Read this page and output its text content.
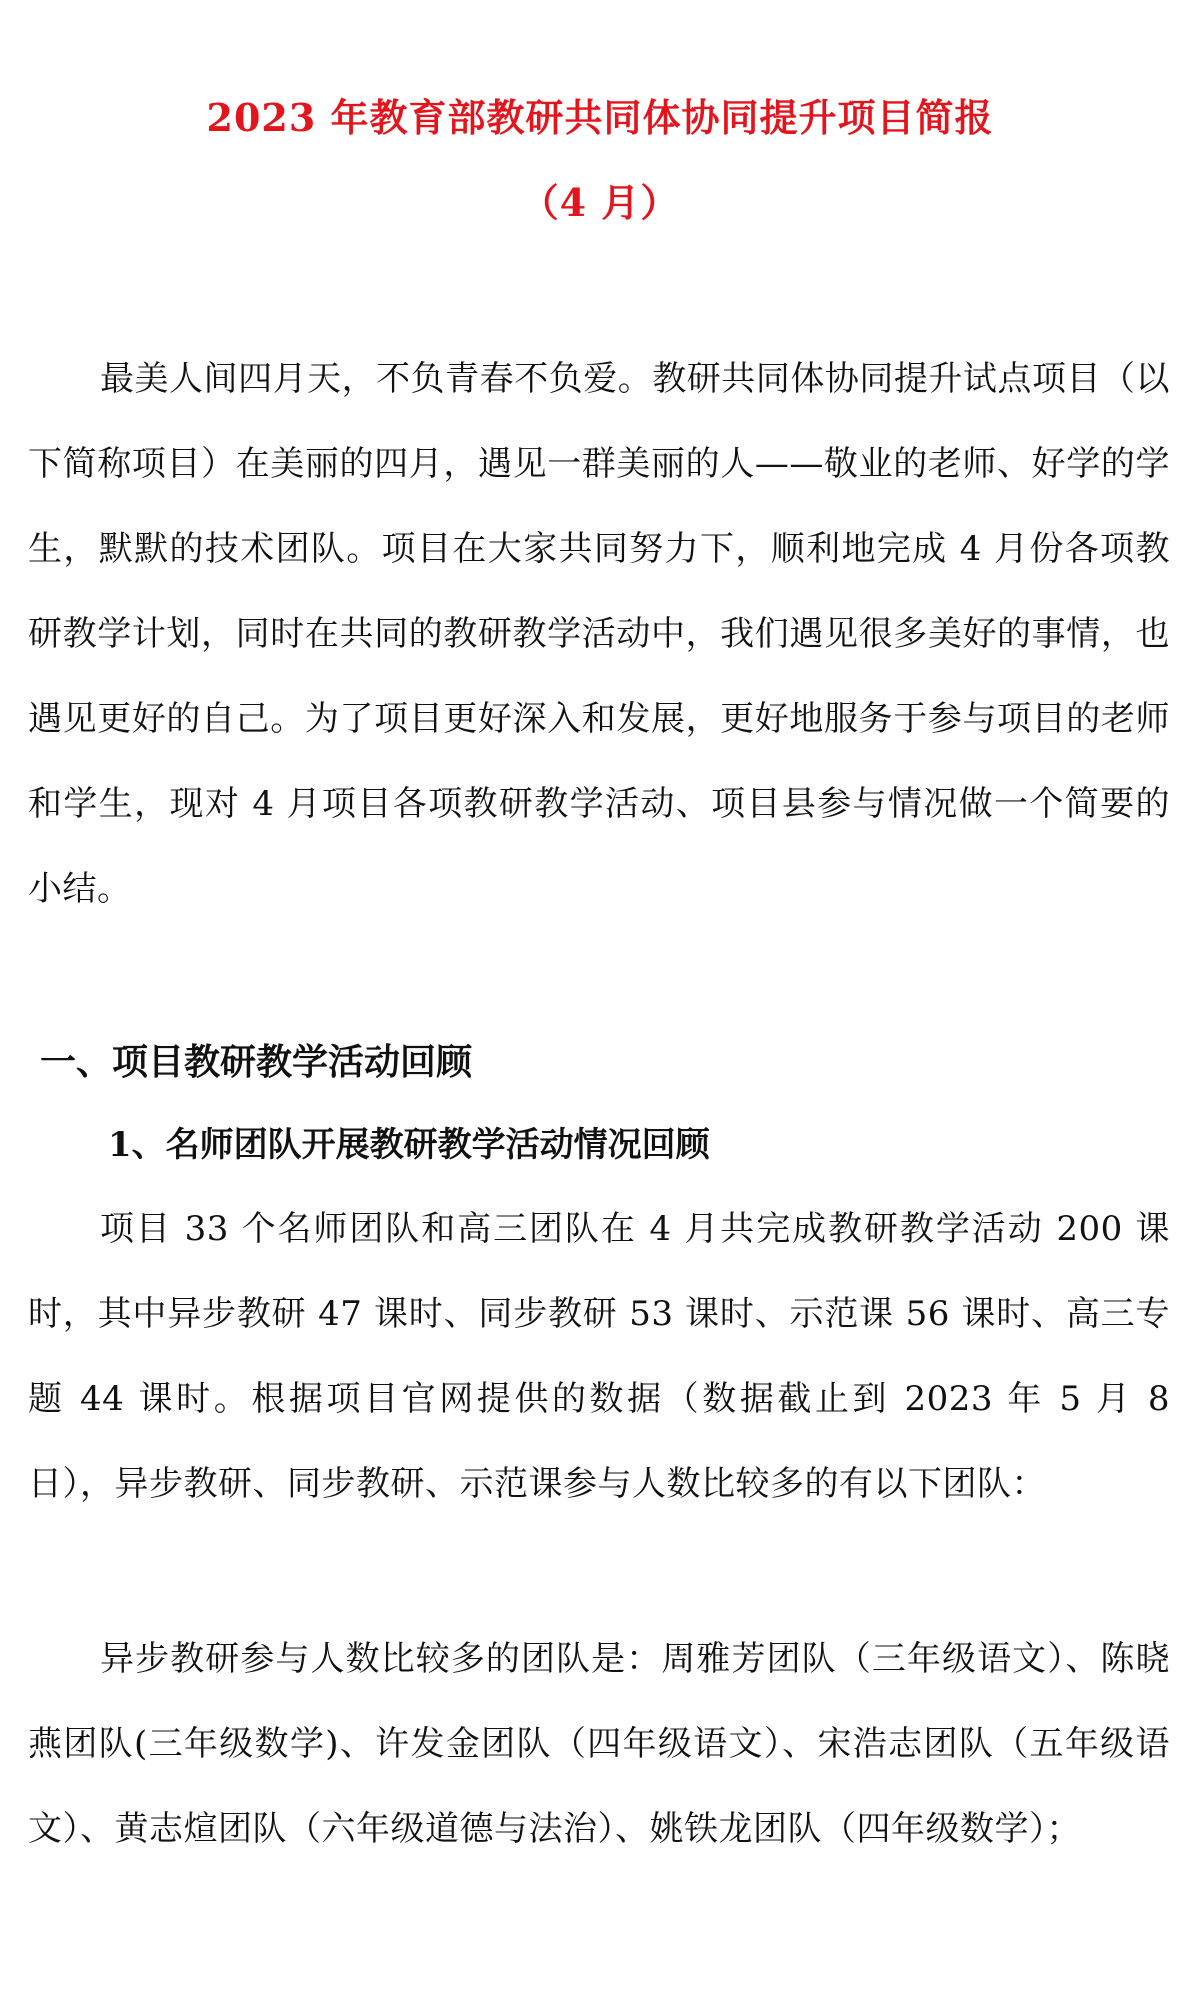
2023 年教育部教研共同体协同提升项目简报
（4 月）

最美人间四月天，不负青春不负爱。教研共同体协同提升试点项目（以下简称项目）在美丽的四月，遇见一群美丽的人——敬业的老师、好学的学生，默默的技术团队。项目在大家共同努力下，顺利地完成 4 月份各项教研教学计划，同时在共同的教研教学活动中，我们遇见很多美好的事情，也遇见更好的自己。为了项目更好深入和发展，更好地服务于参与项目的老师和学生，现对 4 月项目各项教研教学活动、项目县参与情况做一个简要的小结。

一、项目教研教学活动回顾
1、名师团队开展教研教学活动情况回顾

项目 33 个名师团队和高三团队在 4 月共完成教研教学活动 200 课时，其中异步教研 47 课时、同步教研 53 课时、示范课 56 课时、高三专题 44 课时。根据项目官网提供的数据（数据截止到 2023 年 5 月 8 日），异步教研、同步教研、示范课参与人数比较多的有以下团队：

异步教研参与人数比较多的团队是：周雅芳团队（三年级语文）、陈晓燕团队(三年级数学)、许发金团队（四年级语文）、宋浩志团队（五年级语文）、黄志煊团队（六年级道德与法治）、姚铁龙团队（四年级数学）；
